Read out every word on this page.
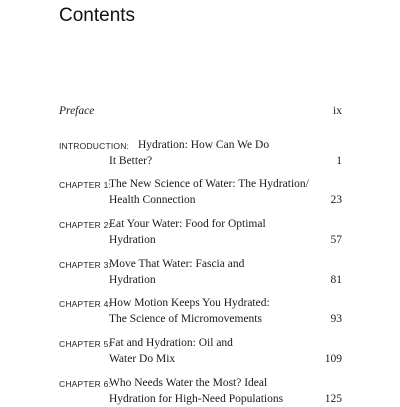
Contents
Preface	ix
INTRODUCTION: Hydration: How Can We Do
It Better?	1
CHAPTER 1:
The New Science of Water: The Hydration/
Health Connection	23
CHAPTER 2:
Eat Your Water: Food for Optimal
Hydration	57
CHAPTER 3:
Move That Water: Fascia and
Hydration	81
CHAPTER 4:
How Motion Keeps You Hydrated:
The Science of Micromovements	93
CHAPTER 5:
Fat and Hydration: Oil and
Water Do Mix	109
CHAPTER 6:
Who Needs Water the Most? Ideal
Hydration for High-Need Populations	125
